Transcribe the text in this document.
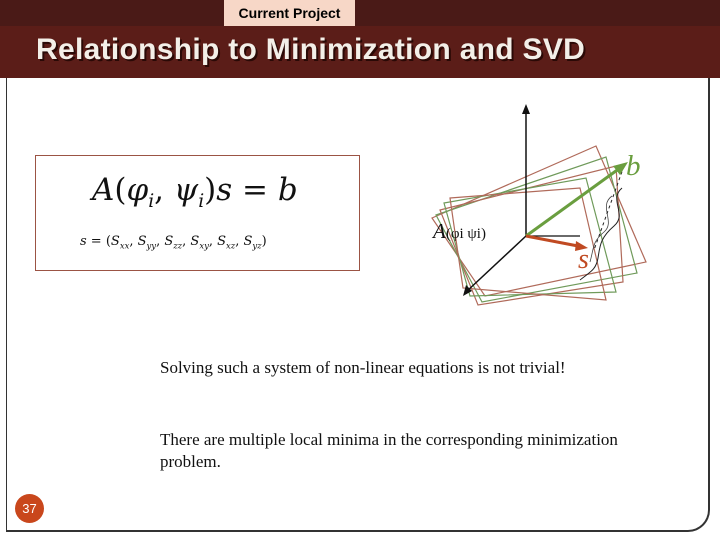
Current Project
Relationship to Minimization and SVD
$A(\varphi_i$, $\psi_i)s = b$
$s = (S_{xx}$, $S_{yy}$, $S_{zz}$, $S_{xy}$, $S_{xz}$, $S_{yz}$)	A(φi ψi)
b
s
Solving such a system of non-linear equations is not trivial!
There are multiple local minima in the corresponding minimization problem.
37
